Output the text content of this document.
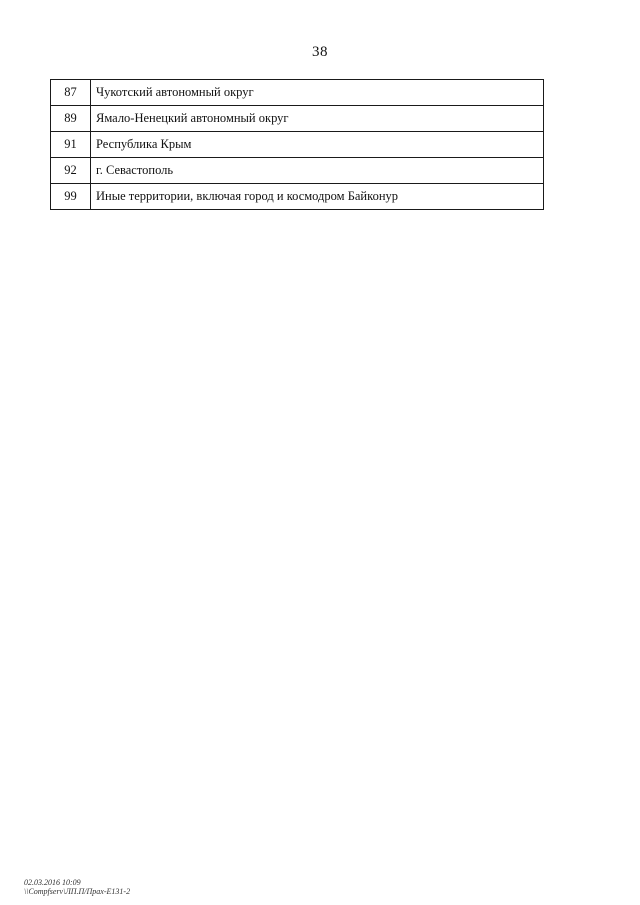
38
87	Чукотский автономный округ
89	Ямало-Ненецкий автономный округ
91	Республика Крым
92	г. Севастополь
99	Иные территории, включая город и космодром Байконур
02.03.2016 10:09
\\Compfserv\ЛП.П/Прах-Е131-2
